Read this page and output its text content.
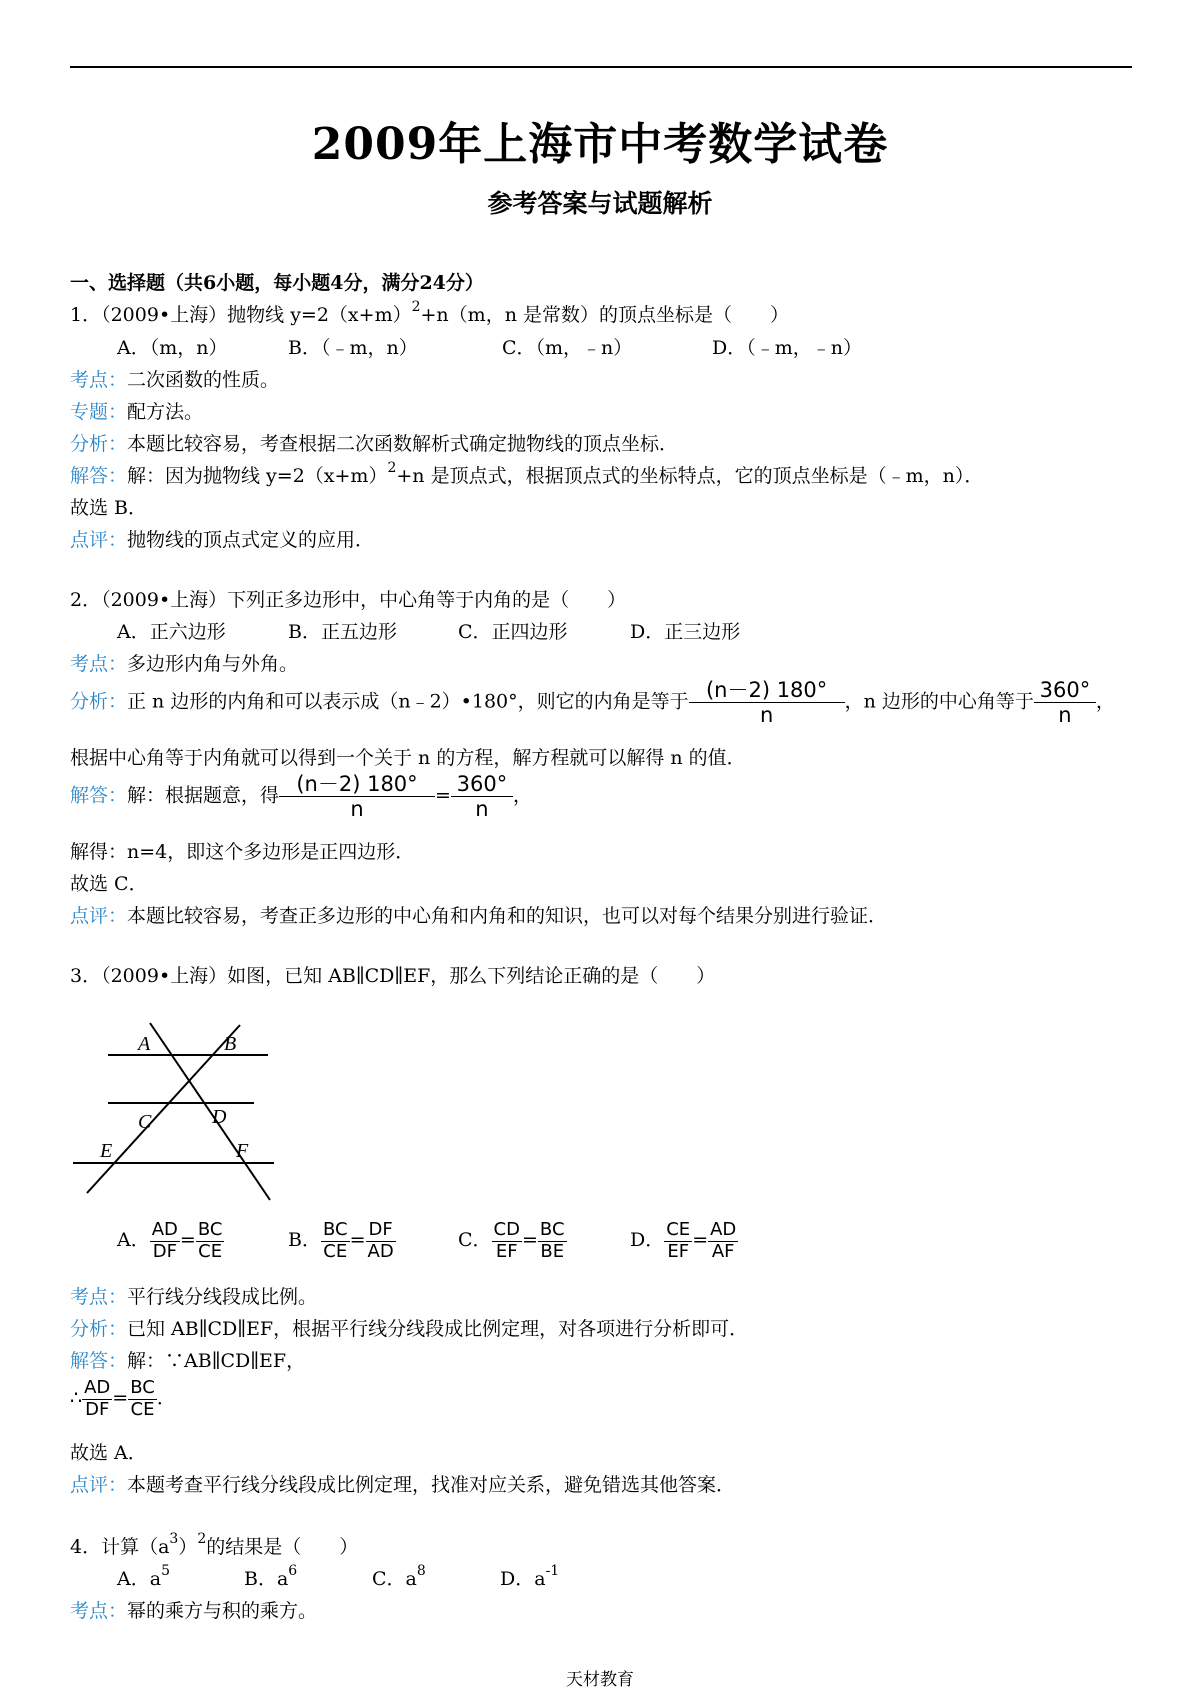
2009年上海市中考数学试卷
参考答案与试题解析
一、选择题（共6小题，每小题4分，满分24分）
1．（2009•上海）抛物线 $y=2(x+m)^2+n(m$，n 是常数）的顶点坐标是（　　）
A．（m，n）	B．（﹣m，n）	C．（m，﹣n）	D．（﹣m，﹣n）
考点：二次函数的性质。
专题：配方法。
分析：本题比较容易，考查根据二次函数解析式确定抛物线的顶点坐标．
解答：解：因为抛物线 $y=2(x+m)^2+n$ 是顶点式，根据顶点式的坐标特点，它的顶点坐标是（﹣m，n）．
故选 B．
点评：抛物线的顶点式定义的应用．
2．（2009•上海）下列正多边形中，中心角等于内角的是（　　）
A．正六边形	B．正五边形	C．正四边形	D．正三边形
考点：多边形内角与外角。
分析：正 n 边形的内角和可以表示成（n﹣2）•180°，则它的内角是等于 $\frac{(n-2) 180^\circ}{n}$ ，n 边形的中心角等于 $\frac{360^\circ}{n}$ ，
根据中心角等于内角就可以得到一个关于 n 的方程，解方程就可以解得 n 的值．
解答：解：根据题意，得 $\frac{(n-2) 180^\circ}{n} = \frac{360^\circ}{n}$ ，
解得：n=4，即这个多边形是正四边形．
故选 C．
点评：本题比较容易，考查正多边形的中心角和内角和的知识，也可以对每个结果分别进行验证．
3．（2009•上海）如图，已知 AB∥CD∥EF，那么下列结论正确的是（　　）
A	B
C	D
E	F
A． $\frac{AD}{DF} = \frac{BC}{CE}$	B． $\frac{BC}{CE} = \frac{DF}{AD}$	C． $\frac{CD}{EF} = \frac{BC}{BE}$	D． $\frac{CE}{EF} = \frac{AD}{AF}$
考点：平行线分线段成比例。
分析：已知 AB∥CD∥EF，根据平行线分线段成比例定理，对各项进行分析即可．
解答：解：∵AB∥CD∥EF，
∴ $\frac{AD}{DF} = \frac{BC}{CE}$ ．
故选 A．
点评：本题考查平行线分线段成比例定理，找准对应关系，避免错选其他答案．
4．计算$(a^3)^2$的结果是（　　）
A．$a^5$	B．$a^6$	C．$a^8$	D．$a^{-1}$
考点：幂的乘方与积的乘方。
天材教育
